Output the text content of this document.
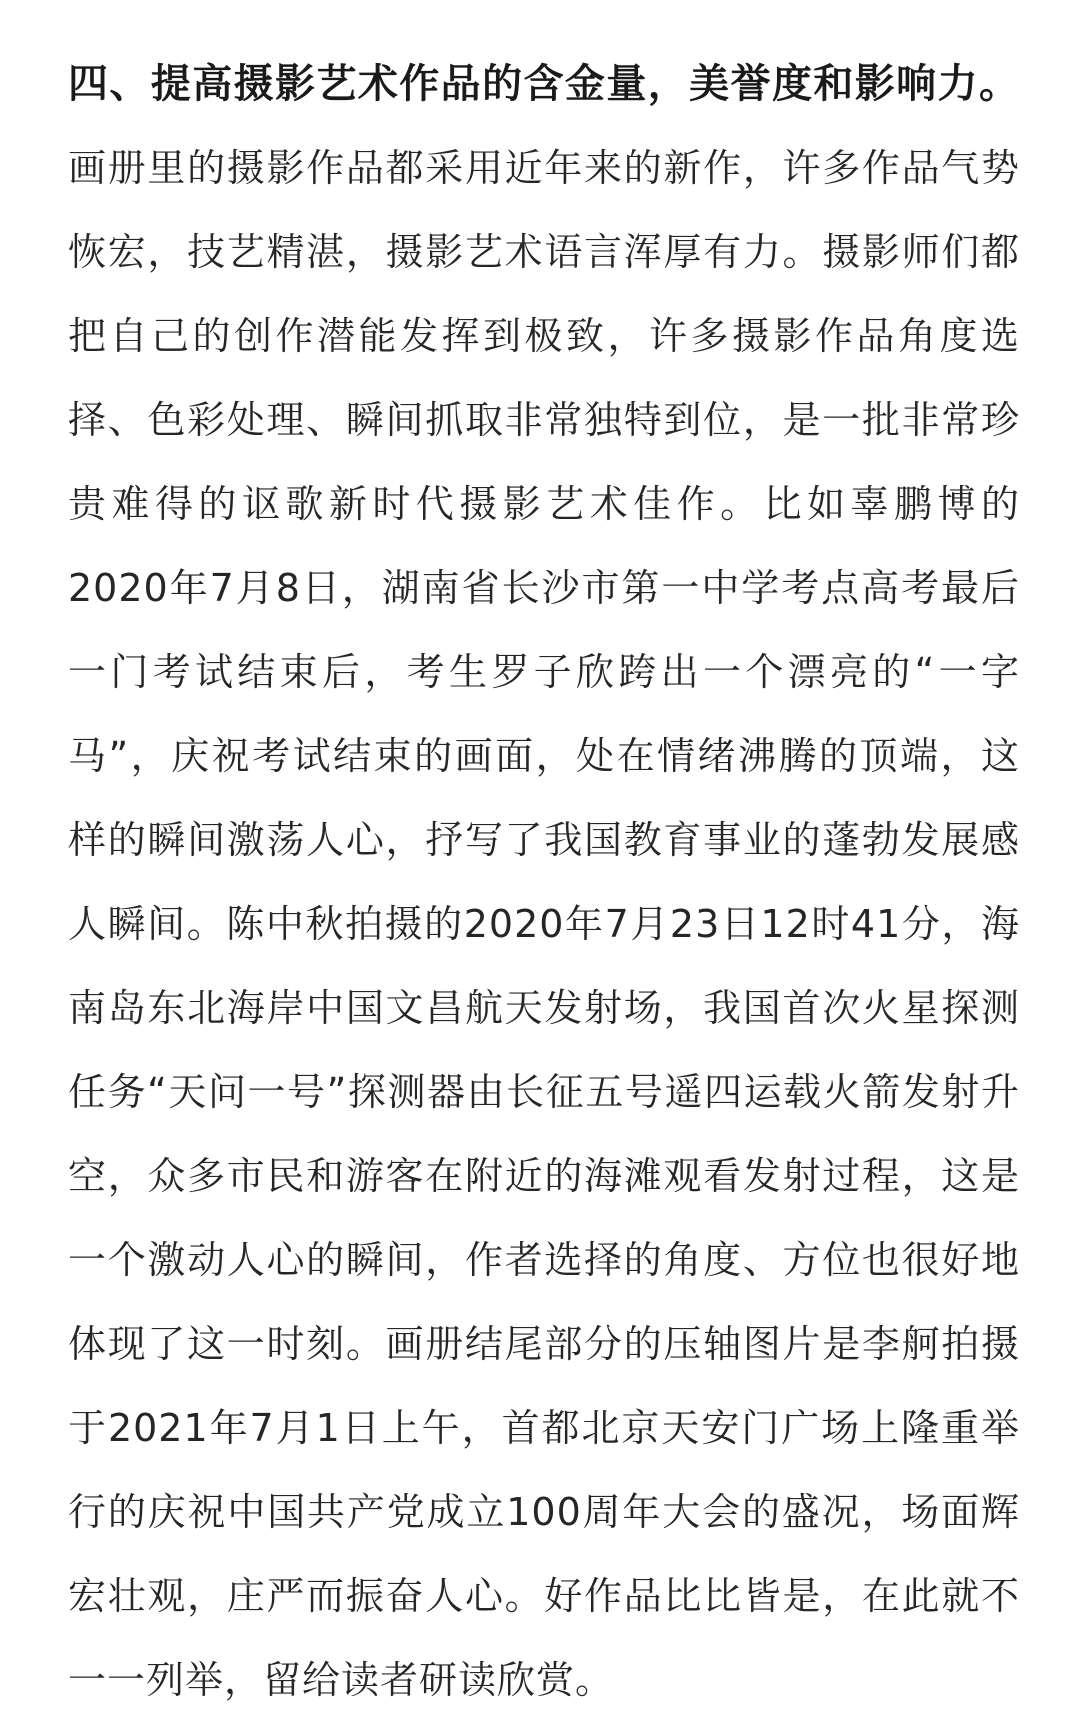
四、提高摄影艺术作品的含金量，美誉度和影响力。画册里的摄影作品都采用近年来的新作，许多作品气势恢宏，技艺精湛，摄影艺术语言浑厚有力。摄影师们都把自己的创作潜能发挥到极致，许多摄影作品角度选择、色彩处理、瞬间抓取非常独特到位，是一批非常珍贵难得的讴歌新时代摄影艺术佳作。比如辜鹏博的2020年7月8日，湖南省长沙市第一中学考点高考最后一门考试结束后，考生罗子欣跨出一个漂亮的“一字马”，庆祝考试结束的画面，处在情绪沸腾的顶端，这样的瞬间激荡人心，抒写了我国教育事业的蓬勃发展感人瞬间。陈中秋拍摄的2020年7月23日12时41分，海南岛东北海岸中国文昌航天发射场，我国首次火星探测任务“天问一号”探测器由长征五号遥四运载火箭发射升空，众多市民和游客在附近的海滩观看发射过程，这是一个激动人心的瞬间，作者选择的角度、方位也很好地体现了这一时刻。画册结尾部分的压轴图片是李舸拍摄于2021年7月1日上午，首都北京天安门广场上隆重举行的庆祝中国共产党成立100周年大会的盛况，场面辉宏壮观，庄严而振奋人心。好作品比比皆是，在此就不一一列举，留给读者研读欣赏。
